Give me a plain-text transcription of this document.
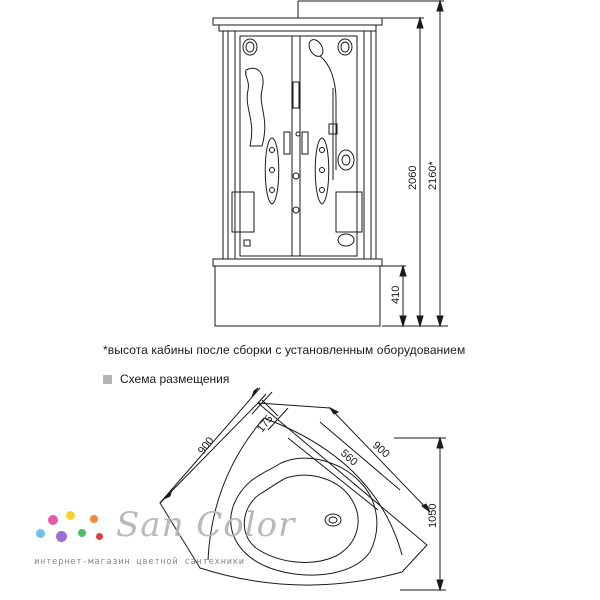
2060 2160*
410
900
175
560 900
1050
*высота кабины после сборки с установленным оборудованием
Схема размещения
San Color
интернет-магазин цветной сантехники
